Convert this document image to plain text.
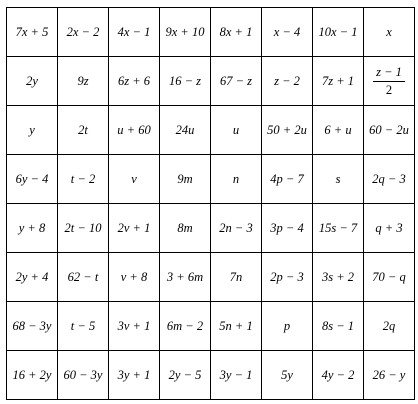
7x + 5	2x − 2	4x − 1	9x + 10	8x + 1	x − 4	10x − 1	x
2y	9z	6z + 6	16 − z	67 − z	z − 2	7z + 1	$\frac{z - 1}{2}$

y	2t	u + 60	24u	u	50 + 2u	6 + u	60 − 2u
6y − 4	t − 2	v	9m	n	4p − 7	s	2q − 3
y + 8	2t − 10	2v + 1	8m	2n − 3	3p − 4	15s − 7	q + 3
2y + 4	62 − t	v + 8	3 + 6m	7n	2p − 3	3s + 2	70 − q
68 − 3y	t − 5	3v + 1	6m − 2	5n + 1	p	8s − 1	2q
16 + 2y	60 − 3y	3y + 1	2y − 5	3y − 1	5y	4y − 2	26 − y
